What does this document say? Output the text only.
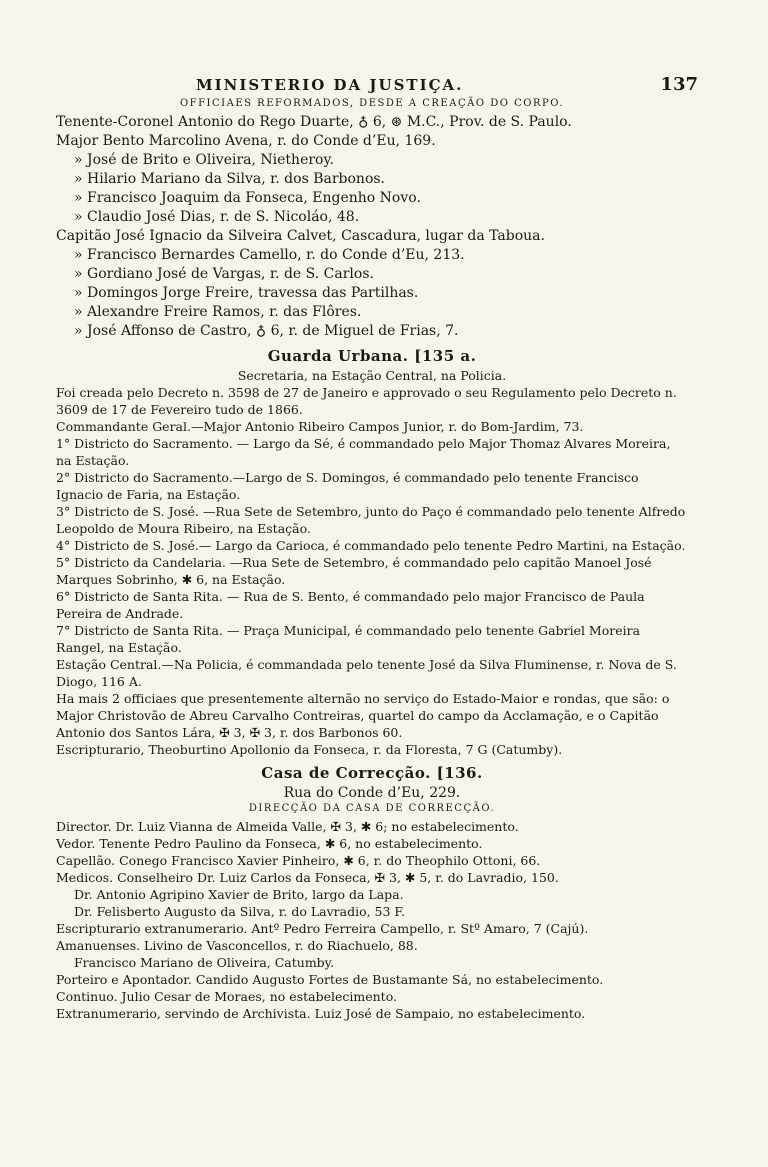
MINISTERIO DA JUSTIÇA.	137
OFFICIAES REFORMADOS, DESDE A CREAÇÃO DO CORPO.
Tenente-Coronel Antonio do Rego Duarte, ♁ 6, ⊛ M.C., Prov. de S. Paulo.
Major Bento Marcolino Avena, r. do Conde d’Eu, 169.
» José de Brito e Oliveira, Nietheroy.
» Hilario Mariano da Silva, r. dos Barbonos.
» Francisco Joaquim da Fonseca, Engenho Novo.
» Claudio José Dias, r. de S. Nicoláo, 48.
Capitão José Ignacio da Silveira Calvet, Cascadura, lugar da Taboua.
» Francisco Bernardes Camello, r. do Conde d’Eu, 213.
» Gordiano José de Vargas, r. de S. Carlos.
» Domingos Jorge Freire, travessa das Partilhas.
» Alexandre Freire Ramos, r. das Flôres.
» José Affonso de Castro, ♁ 6, r. de Miguel de Frias, 7.
Guarda Urbana. [135 a.
Secretaria, na Estação Central, na Policia.
Foi creada pelo Decreto n. 3598 de 27 de Janeiro e approvado o seu Regulamento pelo Decreto n. 3609 de 17 de Fevereiro tudo de 1866.
Commandante Geral.—Major Antonio Ribeiro Campos Junior, r. do Bom-Jardim, 73.
1° Districto do Sacramento. — Largo da Sé, é commandado pelo Major Thomaz Alvares Moreira, na Estação.
2° Districto do Sacramento.—Largo de S. Domingos, é commandado pelo tenente Francisco Ignacio de Faria, na Estação.
3° Districto de S. José. —Rua Sete de Setembro, junto do Paço é commandado pelo tenente Alfredo Leopoldo de Moura Ribeiro, na Estação.
4° Districto de S. José.— Largo da Carioca, é commandado pelo tenente Pedro Martini, na Estação.
5° Districto da Candelaria. —Rua Sete de Setembro, é commandado pelo capitão Manoel José Marques Sobrinho, ✱ 6, na Estação.
6° Districto de Santa Rita. — Rua de S. Bento, é commandado pelo major Francisco de Paula Pereira de Andrade.
7° Districto de Santa Rita. — Praça Municipal, é commandado pelo tenente Gabriel Moreira Rangel, na Estação.
Estação Central.—Na Policia, é commandada pelo tenente José da Silva Fluminense, r. Nova de S. Diogo, 116 A.
Ha mais 2 officiaes que presentemente alternão no serviço do Estado-Maior e rondas, que são: o Major Christovão de Abreu Carvalho Contreiras, quartel do campo da Acclamação, e o Capitão Antonio dos Santos Lára, ✠ 3, ✠ 3, r. dos Barbonos 60.
Escripturario, Theoburtino Apollonio da Fonseca, r. da Floresta, 7 G (Catumby).
Casa de Correcção. [136.
Rua do Conde d’Eu, 229.
DIRECÇÃO DA CASA DE CORRECÇÃO.
Director. Dr. Luiz Vianna de Almeida Valle, ✠ 3, ✱ 6; no estabelecimento.
Vedor. Tenente Pedro Paulino da Fonseca, ✱ 6, no estabelecimento.
Capellão. Conego Francisco Xavier Pinheiro, ✱ 6, r. do Theophilo Ottoni, 66.
Medicos. Conselheiro Dr. Luiz Carlos da Fonseca, ✠ 3, ✱ 5, r. do Lavradio, 150.
Dr. Antonio Agripino Xavier de Brito, largo da Lapa.
Dr. Felisberto Augusto da Silva, r. do Lavradio, 53 F.
Escripturario extranumerario. Antº Pedro Ferreira Campello, r. Stº Amaro, 7 (Cajú).
Amanuenses. Livino de Vasconcellos, r. do Riachuelo, 88.
Francisco Mariano de Oliveira, Catumby.
Porteiro e Apontador. Candido Augusto Fortes de Bustamante Sá, no estabelecimento.
Continuo. Julio Cesar de Moraes, no estabelecimento.
Extranumerario, servindo de Archivista. Luiz José de Sampaio, no estabelecimento.
